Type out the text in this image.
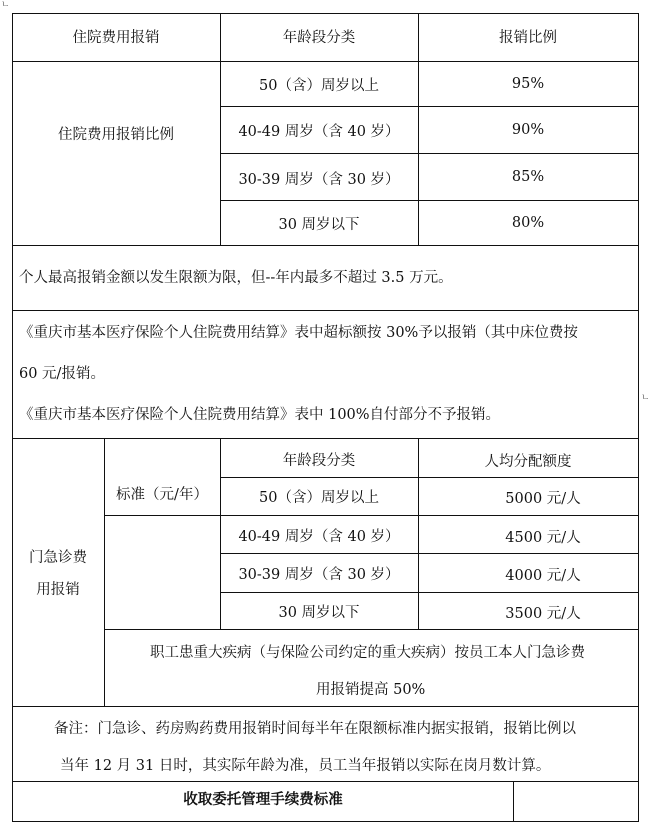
ㄴ
ㄴ
住院费用报销	年龄段分类	报销比例
住院费用报销比例
50（含）周岁以上	95%
40-49 周岁（含 40 岁）	90%
30-39 周岁（含 30 岁）	85%
30 周岁以下	80%
个人最高报销金额以发生限额为限，但--年内最多不超过 3.5 万元。
《重庆市基本医疗保险个人住院费用结算》表中超标额按 30%予以报销（其中床位费按
60 元/报销。
《重庆市基本医疗保险个人住院费用结算》表中 100%自付部分不予报销。
门急诊费
用报销
标准（元/年）
年龄段分类	人均分配额度
50（含）周岁以上	5000 元/人
40-49 周岁（含 40 岁）	4500 元/人
30-39 周岁（含 30 岁）	4000 元/人
30 周岁以下	3500 元/人
职工患重大疾病（与保险公司约定的重大疾病）按员工本人门急诊费
用报销提高 50%
备注：门急诊、药房购药费用报销时间每半年在限额标准内据实报销，报销比例以
当年 12 月 31 日时，其实际年龄为准，员工当年报销以实际在岗月数计算。
收取委托管理手续费标准
